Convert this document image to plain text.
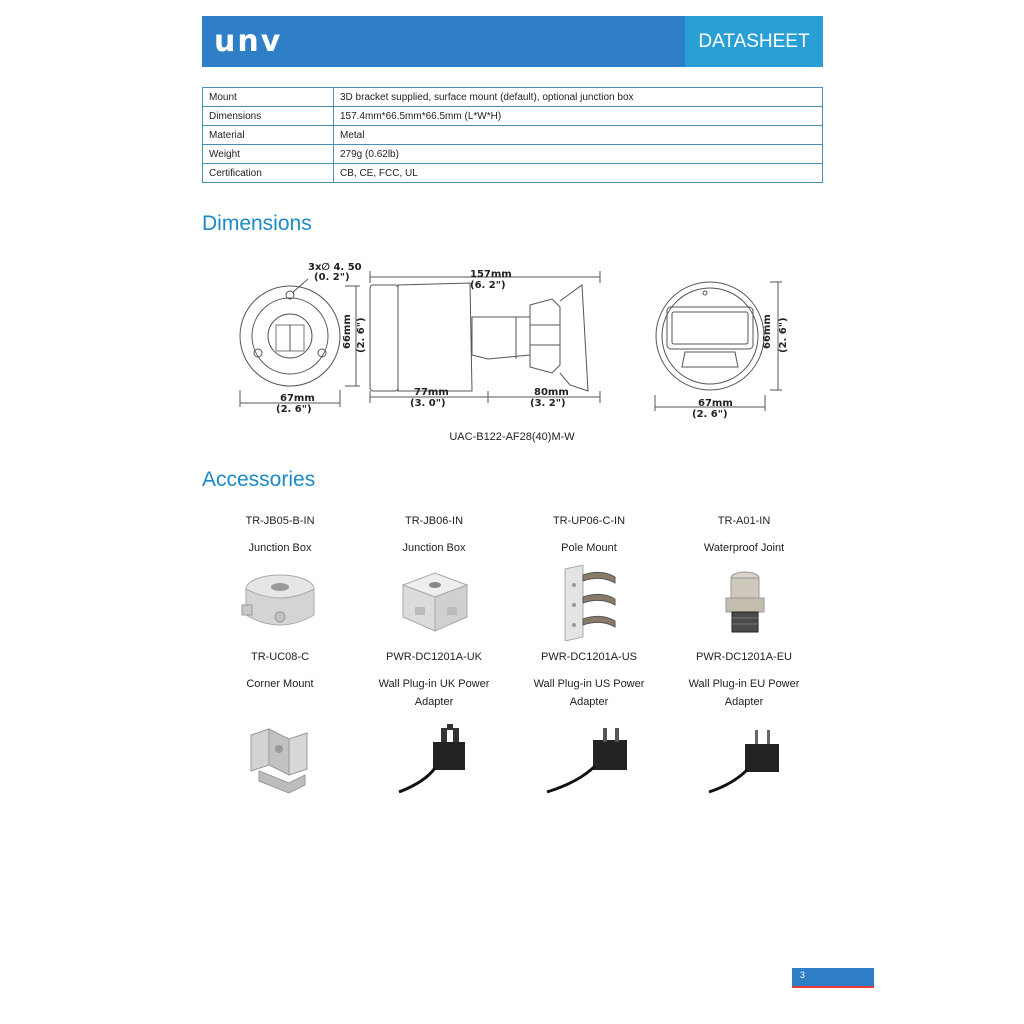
unv	DATASHEET
Mount	3D bracket supplied, surface mount (default), optional junction box
Dimensions	157.4mm*66.5mm*66.5mm (L*W*H)
Material	Metal
Weight	279g (0.62lb)
Certification	CB, CE, FCC, UL
Dimensions
3x∅ 4. 50
(0. 2")	157mm
(6. 2")
67mm
(2. 6")
77mm
(3. 0")
80mm
(3. 2")	67mm
(2. 6")
66mm (2. 6")	66mm (2. 6")
UAC-B122-AF28(40)M-W
Accessories
TR-JB05-B-IN
Junction Box
TR-JB06-IN
Junction Box
TR-UP06-C-IN
Pole Mount
TR-A01-IN
Waterproof Joint
TR-UC08-C
Corner Mount
PWR-DC1201A-UK
Wall Plug-in UK Power
Adapter
PWR-DC1201A-US
Wall Plug-in US Power
Adapter
PWR-DC1201A-EU
Wall Plug-in EU Power
Adapter
3
